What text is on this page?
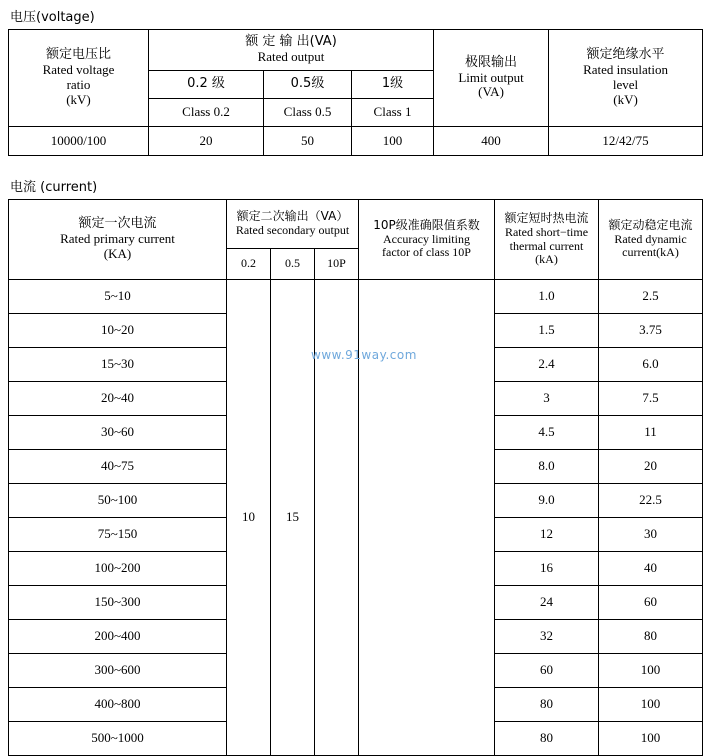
电压(voltage)
额定电压比
Rated voltage
ratio
(kV)

额 定 输 出(VA)
Rated output	极限输出
Limit output
(VA)

额定绝缘水平
Rated insulation
level
(kV)

	0.2 级	0.5级	1级		
	Class 0.2	Class 0.5	Class 1		
10000/100	20	50	100	400	12/42/75
电流 (current)
额定一次电流
Rated primary current
(KA)

额定二次输出（VA）
Rated secondary output	10P级准确限值系数
Accuracy limiting
factor of class 10P

额定短时热电流
Rated short−time
thermal current
(kA)

额定动稳定电流
Rated dynamic
current(kA)

	0.2	0.5	10P			
5~10	10	15			1.0	2.5
10~20					1.5	3.75
15~30					2.4	6.0
20~40					3	7.5
30~60					4.5	11
40~75					8.0	20
50~100					9.0	22.5
75~150					12	30
100~200					16	40
150~300					24	60
200~400					32	80
300~600					60	100
400~800					80	100
500~1000					80	100
www.91way.com
